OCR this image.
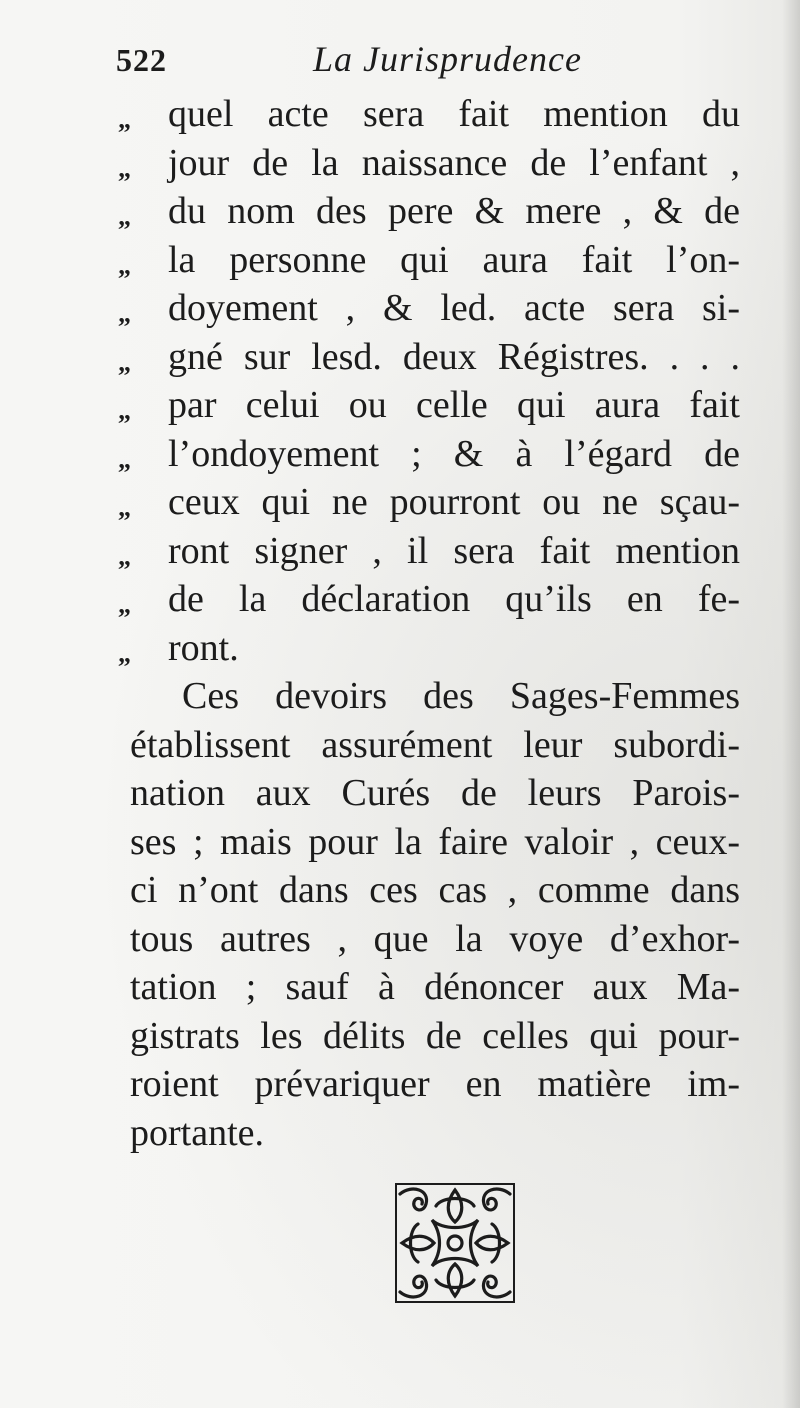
522	La Jurisprudence
„ quel acte sera fait mention du
„ jour de la naissance de l’enfant ,
„ du nom des pere & mere , & de
„ la personne qui aura fait l’on-
„ doyement , & led. acte sera si-
„ gné sur lesd. deux Régistres. . . .
„ par celui ou celle qui aura fait
„ l’ondoyement ; & à l’égard de
„ ceux qui ne pourront ou ne sçau-
„ ront signer , il sera fait mention
„ de la déclaration qu’ils en fe-
„ ront.
Ces devoirs des Sages-Femmes
établissent assurément leur subordi-
nation aux Curés de leurs Parois-
ses ; mais pour la faire valoir , ceux-
ci n’ont dans ces cas , comme dans
tous autres , que la voye d’exhor-
tation ; sauf à dénoncer aux Ma-
gistrats les délits de celles qui pour-
roient prévariquer en matière im-
portante.
